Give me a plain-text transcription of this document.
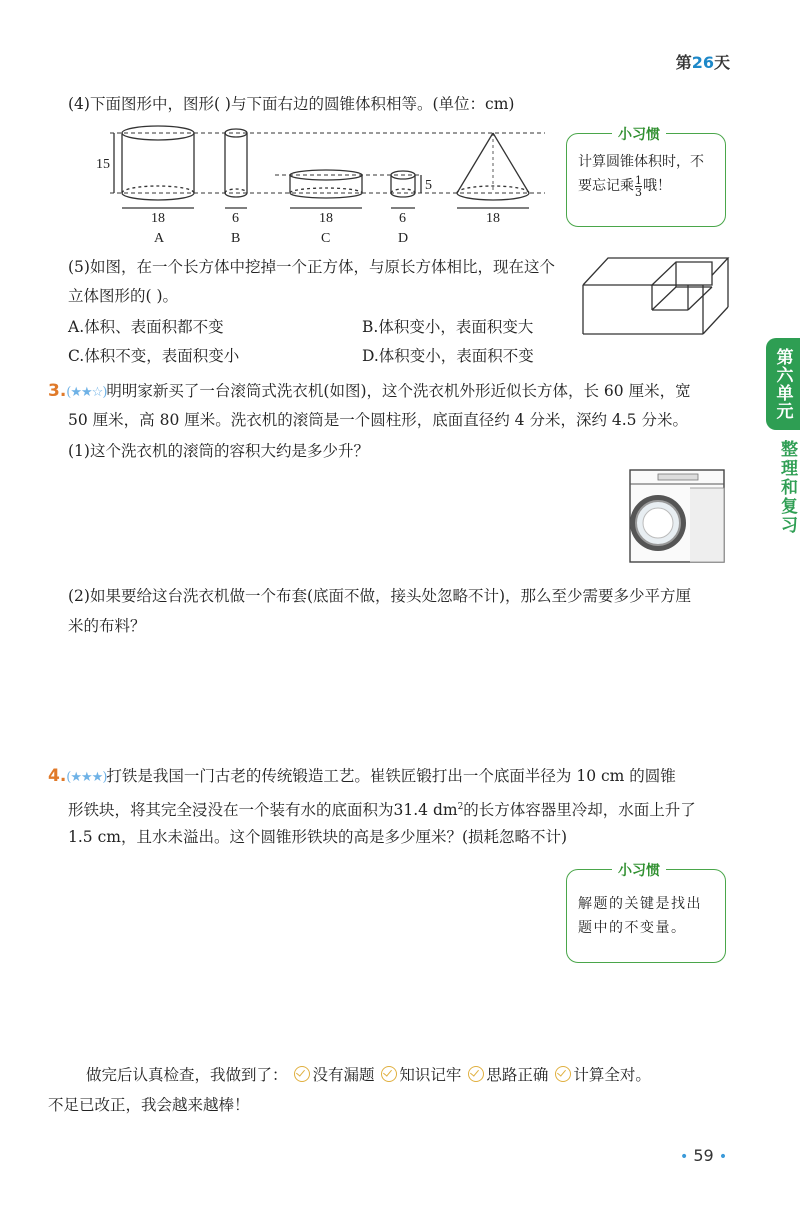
第26天
(4)下面图形中，图形( )与下面右边的圆锥体积相等。(单位：cm)
15
5
18	6	18	6	18
A	B	C	D
小习惯
计算圆锥体积时，不
要忘记乘 $\frac{1}{3}$ 哦！
(5)如图，在一个长方体中挖掉一个正方体，与原长方体相比，现在这个
立体图形的( )。
A.体积、表面积都不变	B.体积变小，表面积变大
C.体积不变，表面积变小	D.体积变小，表面积不变	第六单元
整理和复习
3.(★★☆)明明家新买了一台滚筒式洗衣机(如图)，这个洗衣机外形近似长方体，长 60 厘米，宽
50 厘米，高 80 厘米。洗衣机的滚筒是一个圆柱形，底面直径约 4 分米，深约 4.5 分米。
(1)这个洗衣机的滚筒的容积大约是多少升？
(2)如果要给这台洗衣机做一个布套(底面不做，接头处忽略不计)，那么至少需要多少平方厘
米的布料？
4.(★★★)打铁是我国一门古老的传统锻造工艺。崔铁匠锻打出一个底面半径为 10 cm 的圆锥
形铁块，将其完全浸没在一个装有水的底面积为31.4 $dm^2$的长方体容器里冷却，水面上升了
1.5 cm，且水未溢出。这个圆锥形铁块的高是多少厘米？(损耗忽略不计)
小习惯
解题的关键是找出
题中的不变量。
做完后认真检查，我做到了： 没有漏题 知识记牢 思路正确 计算全对。
不足已改正，我会越来越棒！
• 59 •
